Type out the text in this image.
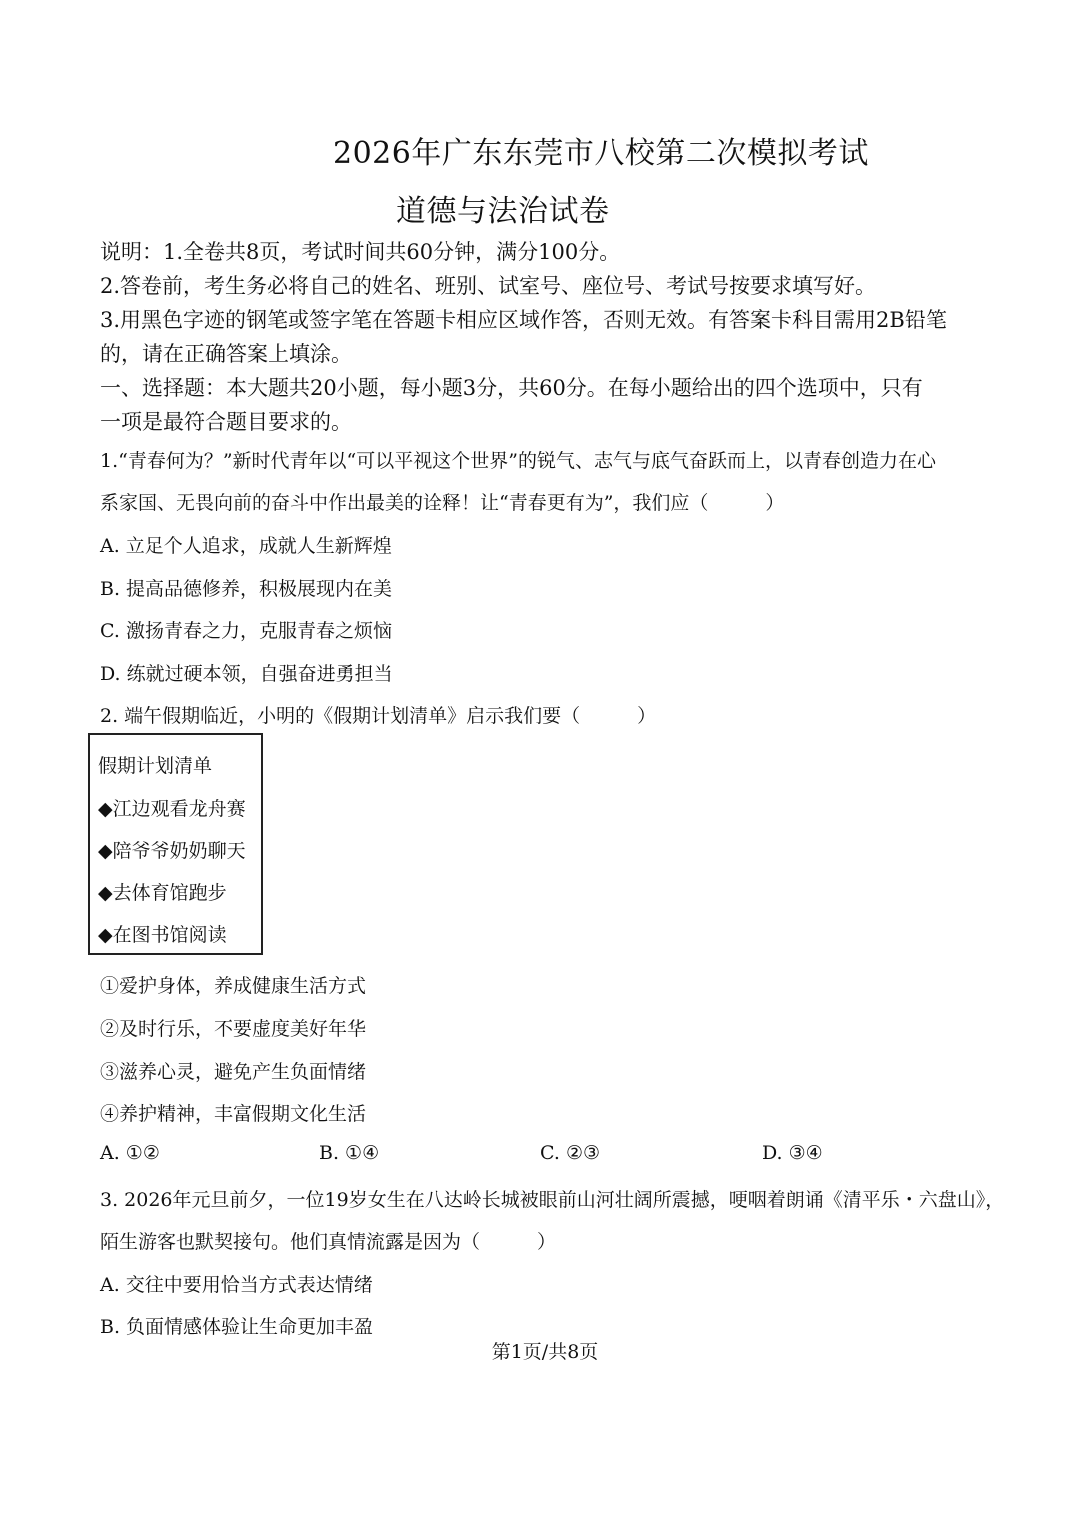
2026年广东东莞市八校第二次模拟考试
道德与法治试卷
说明：1.全卷共8页，考试时间共60分钟，满分100分。
2.答卷前，考生务必将自己的姓名、班别、试室号、座位号、考试号按要求填写好。
3.用黑色字迹的钢笔或签字笔在答题卡相应区域作答，否则无效。有答案卡科目需用2B铅笔
的，请在正确答案上填涂。
一、选择题：本大题共20小题，每小题3分，共60分。在每小题给出的四个选项中，只有
一项是最符合题目要求的。
1.“青春何为？”新时代青年以“可以平视这个世界”的锐气、志气与底气奋跃而上，以青春创造力在心
系家国、无畏向前的奋斗中作出最美的诠释！让“青春更有为”，我们应（　　　）
A. 立足个人追求，成就人生新辉煌
B. 提高品德修养，积极展现内在美
C. 激扬青春之力，克服青春之烦恼
D. 练就过硬本领，自强奋进勇担当
2. 端午假期临近，小明的《假期计划清单》启示我们要（　　　）
假期计划清单
◆江边观看龙舟赛
◆陪爷爷奶奶聊天
◆去体育馆跑步
◆在图书馆阅读
①爱护身体，养成健康生活方式
②及时行乐，不要虚度美好年华
③滋养心灵，避免产生负面情绪
④养护精神，丰富假期文化生活
A. ①②	B. ①④	C. ②③	D. ③④
3. 2026年元旦前夕，一位19岁女生在八达岭长城被眼前山河壮阔所震撼，哽咽着朗诵《清平乐・六盘山》，
陌生游客也默契接句。他们真情流露是因为（　　　）
A. 交往中要用恰当方式表达情绪
B. 负面情感体验让生命更加丰盈
第1页/共8页
